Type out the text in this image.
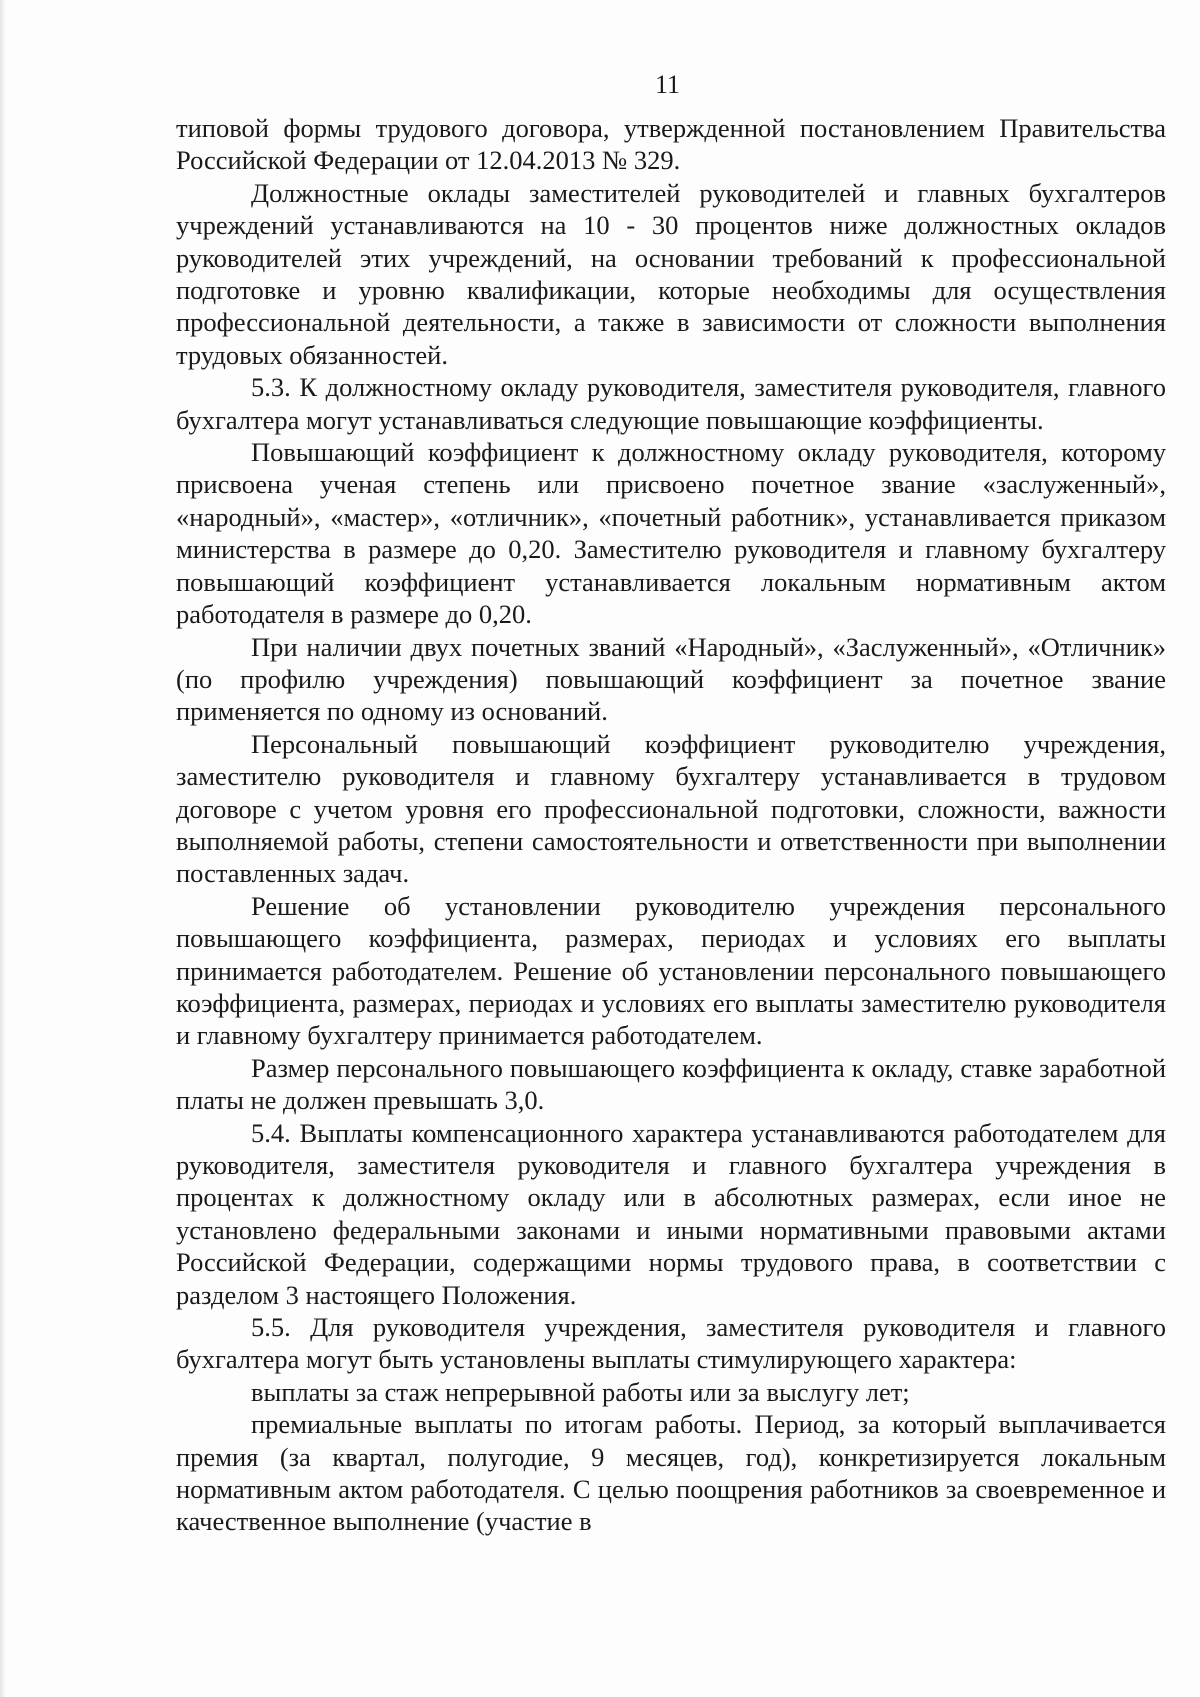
11

типовой формы трудового договора, утвержденной постановлением Правительства Российской Федерации от 12.04.2013 № 329.

Должностные оклады заместителей руководителей и главных бухгалтеров учреждений устанавливаются на 10 - 30 процентов ниже должностных окладов руководителей этих учреждений, на основании требований к профессиональной подготовке и уровню квалификации, которые необходимы для осуществления профессиональной деятельности, а также в зависимости от сложности выполнения трудовых обязанностей.

5.3. К должностному окладу руководителя, заместителя руководителя, главного бухгалтера могут устанавливаться следующие повышающие коэффициенты.

Повышающий коэффициент к должностному окладу руководителя, которому присвоена ученая степень или присвоено почетное звание «заслуженный», «народный», «мастер», «отличник», «почетный работник», устанавливается приказом министерства в размере до 0,20. Заместителю руководителя и главному бухгалтеру повышающий коэффициент устанавливается локальным нормативным актом работодателя в размере до 0,20.

При наличии двух почетных званий «Народный», «Заслуженный», «Отличник» (по профилю учреждения) повышающий коэффициент за почетное звание применяется по одному из оснований.

Персональный повышающий коэффициент руководителю учреждения, заместителю руководителя и главному бухгалтеру устанавливается в трудовом договоре с учетом уровня его профессиональной подготовки, сложности, важности выполняемой работы, степени самостоятельности и ответственности при выполнении поставленных задач.

Решение об установлении руководителю учреждения персонального повышающего коэффициента, размерах, периодах и условиях его выплаты принимается работодателем. Решение об установлении персонального повышающего коэффициента, размерах, периодах и условиях его выплаты заместителю руководителя и главному бухгалтеру принимается работодателем.

Размер персонального повышающего коэффициента к окладу, ставке заработной платы не должен превышать 3,0.

5.4. Выплаты компенсационного характера устанавливаются работодателем для руководителя, заместителя руководителя и главного бухгалтера учреждения в процентах к должностному окладу или в абсолютных размерах, если иное не установлено федеральными законами и иными нормативными правовыми актами Российской Федерации, содержащими нормы трудового права, в соответствии с разделом 3 настоящего Положения.

5.5. Для руководителя учреждения, заместителя руководителя и главного бухгалтера могут быть установлены выплаты стимулирующего характера:

выплаты за стаж непрерывной работы или за выслугу лет;

премиальные выплаты по итогам работы. Период, за который выплачивается премия (за квартал, полугодие, 9 месяцев, год), конкретизируется локальным нормативным актом работодателя. С целью поощрения работников за своевременное и качественное выполнение (участие в
